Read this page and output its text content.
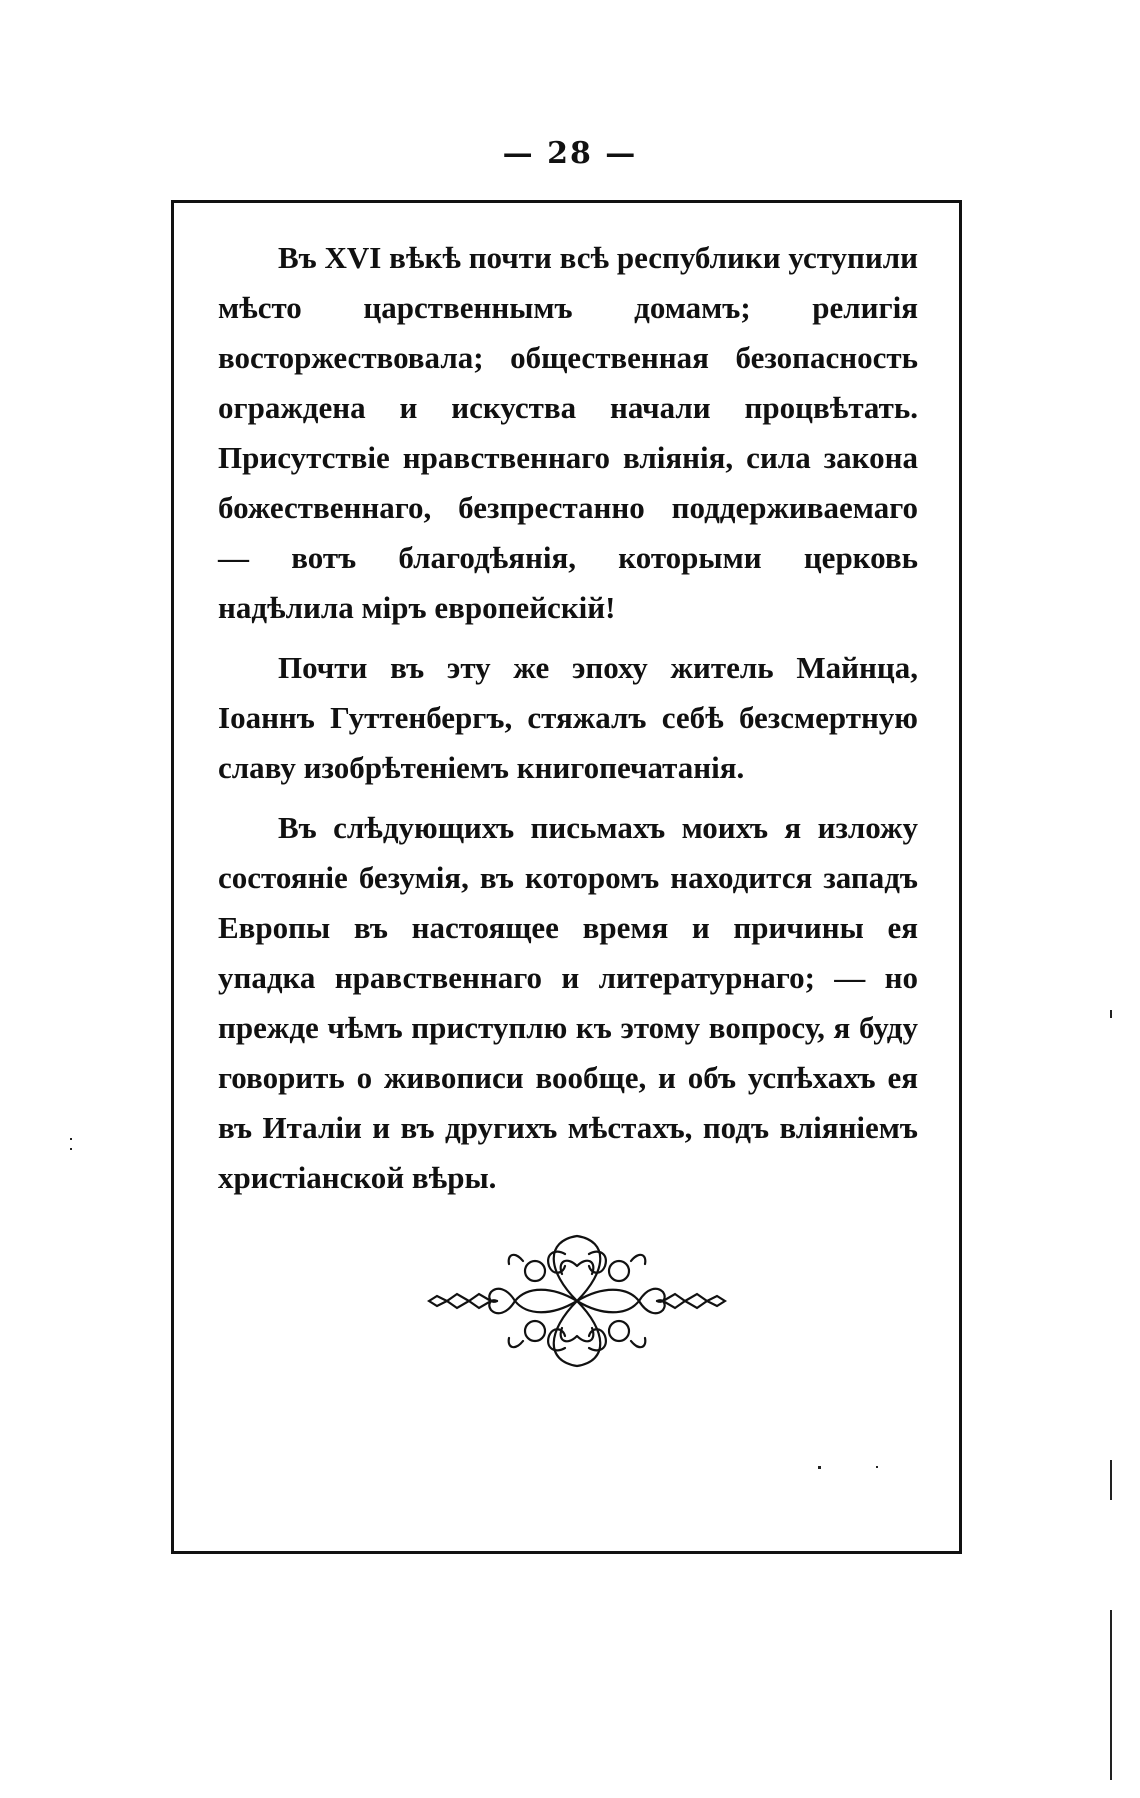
— 28 —

Въ XVI вѣкѣ почти всѣ республики уступили мѣсто царственнымъ домамъ; религія восторжествовала; общественная безопасность ограждена и искуства начали процвѣтать. Присутствіе нравственнаго вліянія, сила закона божественнаго, безпрестанно поддерживаемаго — вотъ благодѣянія, которыми церковь надѣлила міръ европейскій!

Почти въ эту же эпоху житель Майнца, Іоаннъ Гуттенбергъ, стяжалъ себѣ безсмертную славу изобрѣтеніемъ книгопечатанія.

Въ слѣдующихъ письмахъ моихъ я изложу состояніе безумія, въ которомъ находится западъ Европы въ настоящее время и причины ея упадка нравственнаго и литературнаго; — но прежде чѣмъ приступлю къ этому вопросу, я буду говорить о живописи вообще, и объ успѣхахъ ея въ Италіи и въ другихъ мѣстахъ, подъ вліяніемъ христіанской вѣры.
